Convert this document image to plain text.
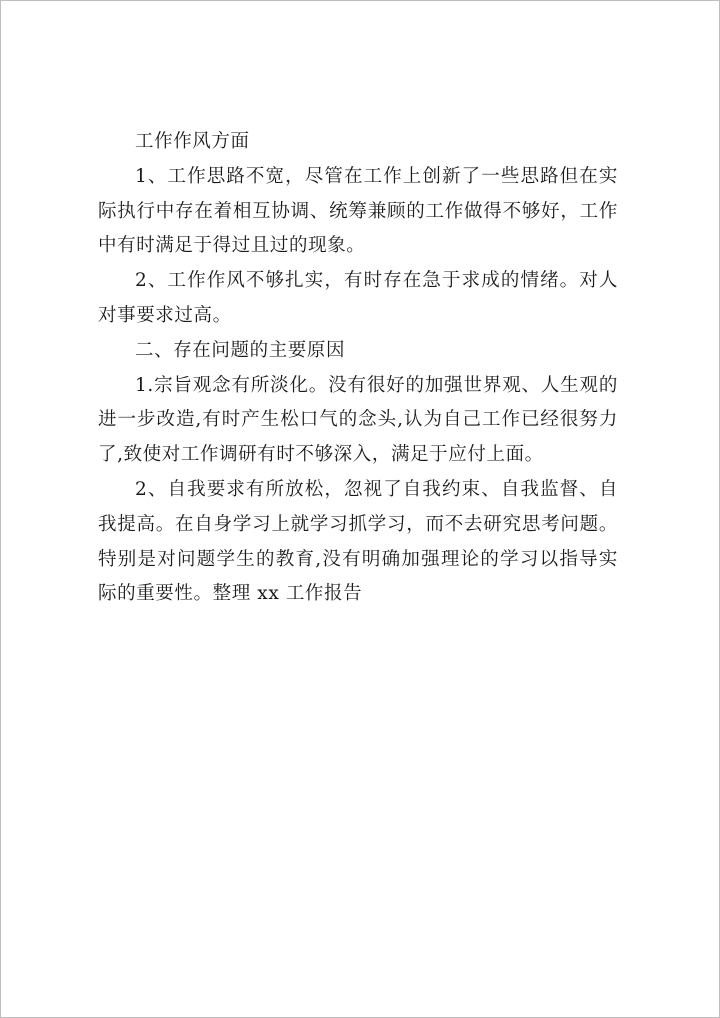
工作作风方面

1、工作思路不宽，尽管在工作上创新了一些思路但在实际执行中存在着相互协调、统筹兼顾的工作做得不够好，工作中有时满足于得过且过的现象。

2、工作作风不够扎实，有时存在急于求成的情绪。对人对事要求过高。

二、存在问题的主要原因

1.宗旨观念有所淡化。没有很好的加强世界观、人生观的进一步改造,有时产生松口气的念头,认为自己工作已经很努力了,致使对工作调研有时不够深入，满足于应付上面。

2、自我要求有所放松，忽视了自我约束、自我监督、自我提高。在自身学习上就学习抓学习，而不去研究思考问题。特别是对问题学生的教育,没有明确加强理论的学习以指导实际的重要性。整理 xx 工作报告
